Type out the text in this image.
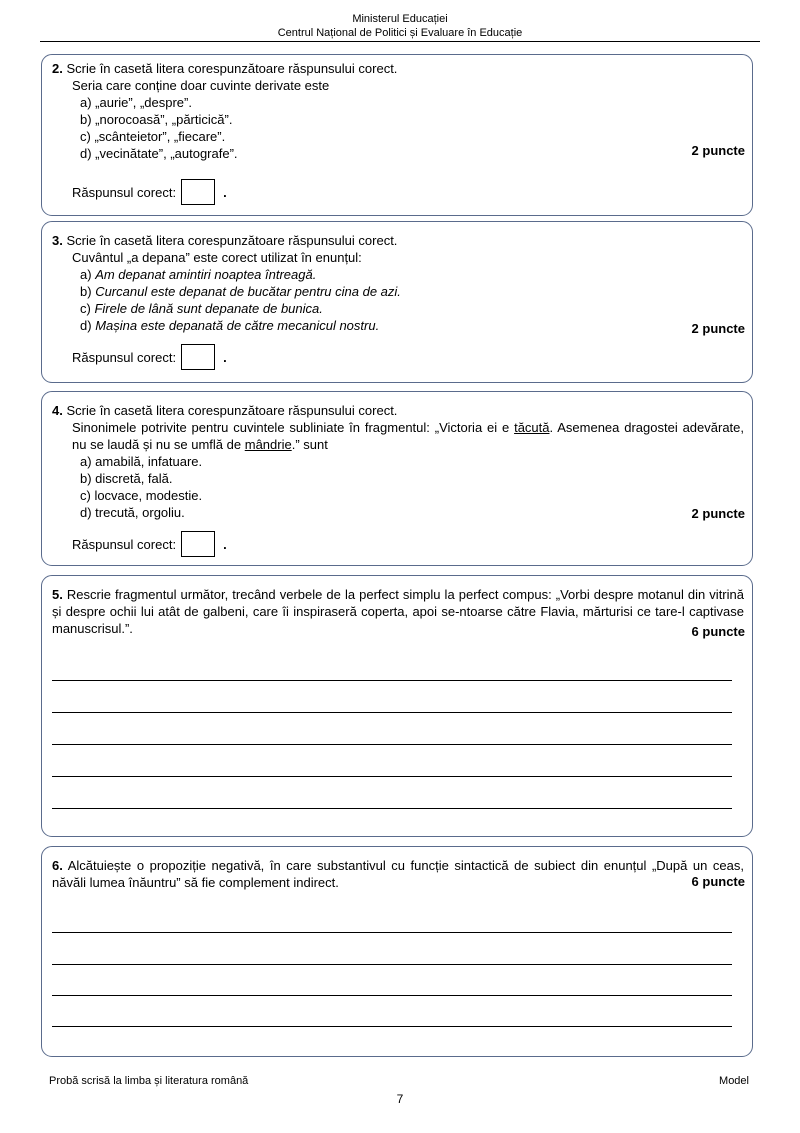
Ministerul Educației
Centrul Național de Politici și Evaluare în Educație
2. Scrie în casetă litera corespunzătoare răspunsului corect.
Seria care conține doar cuvinte derivate este
a) „aurie”, „despre”.
b) „norocoasă”, „părticică”.
c) „scânteietor”, „fiecare”.
d) „vecinătate”, „autografe”.	2 puncte
Răspunsul corect:	.
3. Scrie în casetă litera corespunzătoare răspunsului corect.
Cuvântul „a depana” este corect utilizat în enunțul:
a) Am depanat amintiri noaptea întreagă.
b) Curcanul este depanat de bucătar pentru cina de azi.
c) Firele de lână sunt depanate de bunica.
d) Mașina este depanată de către mecanicul nostru.	2 puncte
Răspunsul corect:	.
4. Scrie în casetă litera corespunzătoare răspunsului corect.
Sinonimele potrivite pentru cuvintele subliniate în fragmentul: „Victoria ei e tăcută. Asemenea dragostei adevărate, nu se laudă și nu se umflă de mândrie.” sunt
a) amabilă, infatuare.
b) discretă, fală.
c) locvace, modestie.
d) trecută, orgoliu.	2 puncte
Răspunsul corect:	.
5. Rescrie fragmentul următor, trecând verbele de la perfect simplu la perfect compus: „Vorbi despre motanul din vitrină și despre ochii lui atât de galbeni, care îi inspiraseră coperta, apoi se-ntoarse către Flavia, mărturisi ce tare-l captivase manuscrisul.”.	6 puncte
6. Alcătuiește o propoziție negativă, în care substantivul cu funcție sintactică de subiect din enunțul „După un ceas, năvăli lumea înăuntru” să fie complement indirect.	6 puncte
Probă scrisă la limba și literatura română	Model
7
